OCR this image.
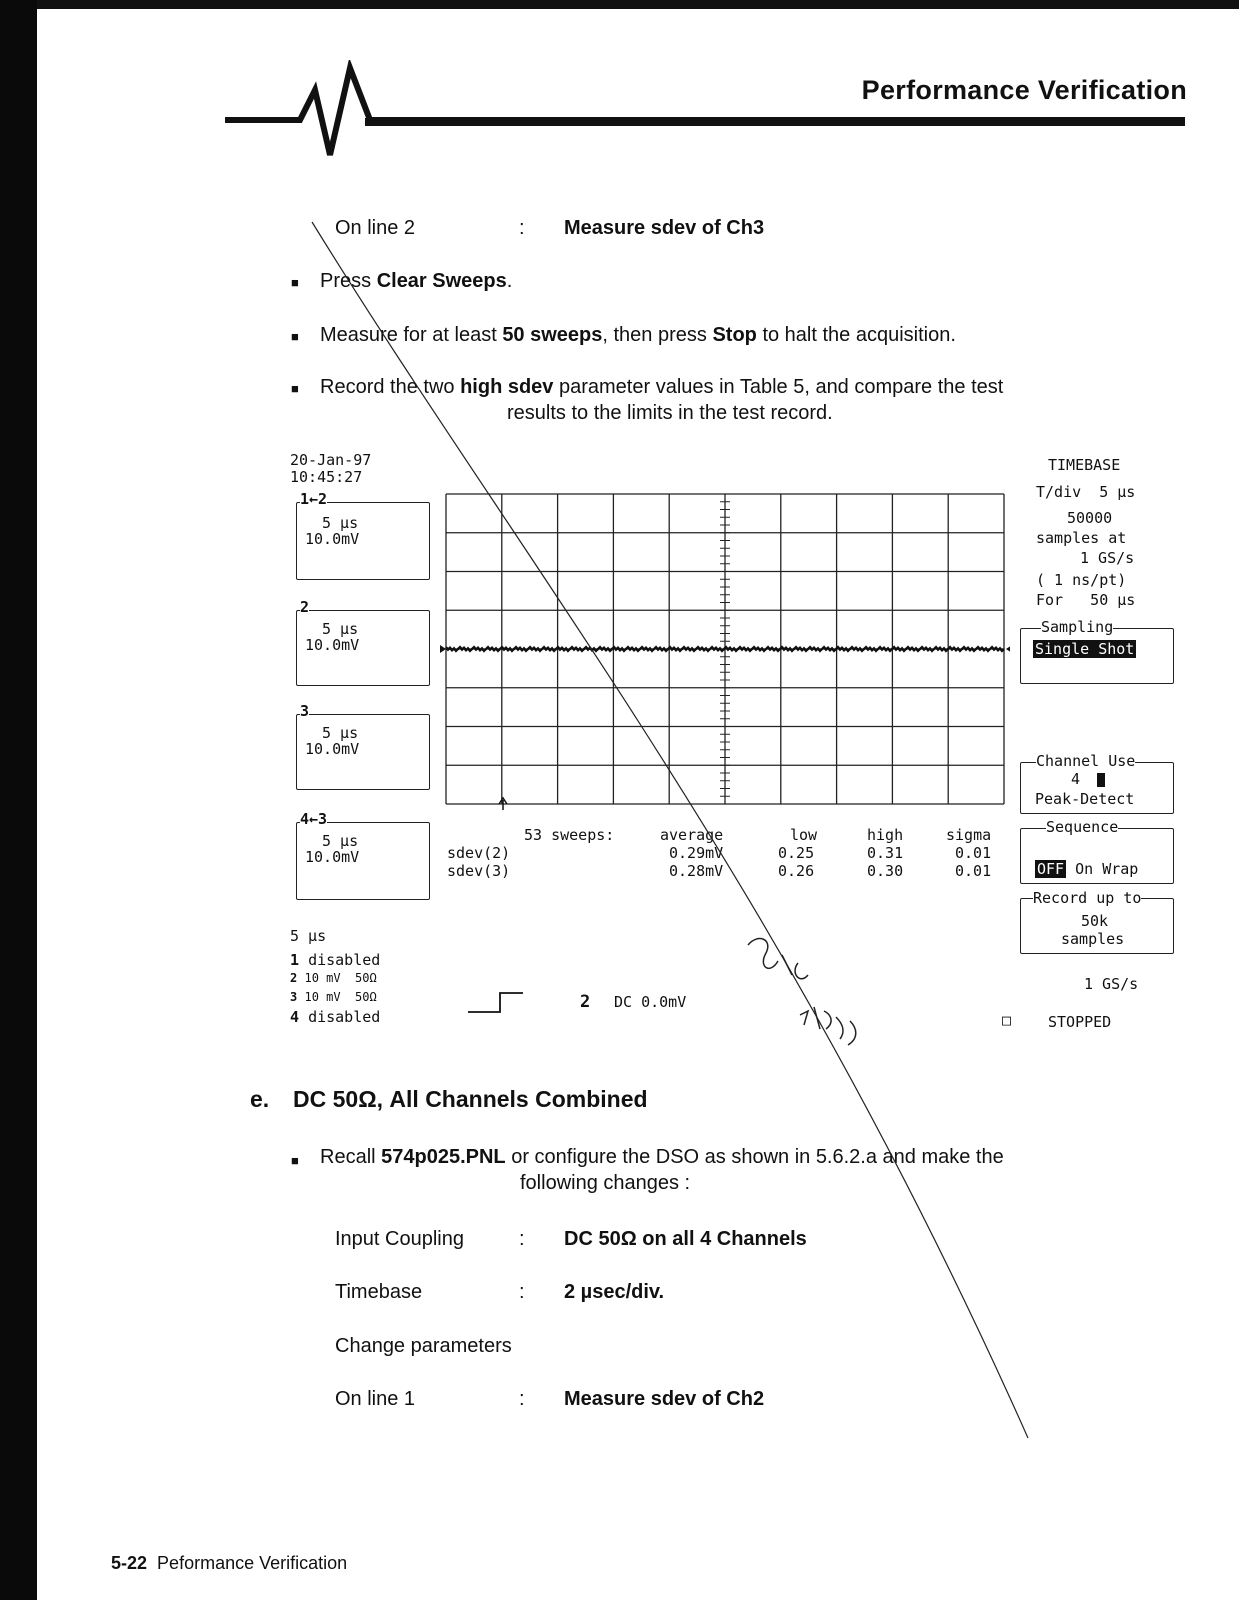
Performance Verification
On line 2	: Measure sdev of Ch3
■ Press Clear Sweeps.
■ Measure for at least 50 sweeps, then press Stop to halt the acquisition.
■ Record the two high sdev parameter values in Table 5, and compare the test
results to the limits in the test record.
20-Jan-97
10:45:27
1←2
5 µs
10.0mV
2
5 µs
10.0mV
3
5 µs
10.0mV
4←3
5 µs
10.0mV
TIMEBASE
T/div  5 µs
50000
samples at
1 GS/s
( 1 ns/pt)
For   50 µs
Sampling
Single Shot
Channel Use
4
Peak-Detect
Sequence
OFF On Wrap
Record up to
50k
samples
1 GS/s
□ STOPPED
53 sweeps:	average	low	high	sigma
sdev(2)	0.29mV	0.25	0.31	0.01
sdev(3)	0.28mV	0.26	0.30	0.01
5 µs
1 disabled
2 10 mV  50Ω
3 10 mV  50Ω
4 disabled
2 DC 0.0mV
e. DC 50Ω, All Channels Combined
■ Recall 574p025.PNL or configure the DSO as shown in 5.6.2.a and make the
following changes :
Input Coupling	: DC 50Ω on all 4 Channels
Timebase	: 2 µsec/div.
Change parameters
On line 1	: Measure sdev of Ch2
5-22 Peformance Verification
